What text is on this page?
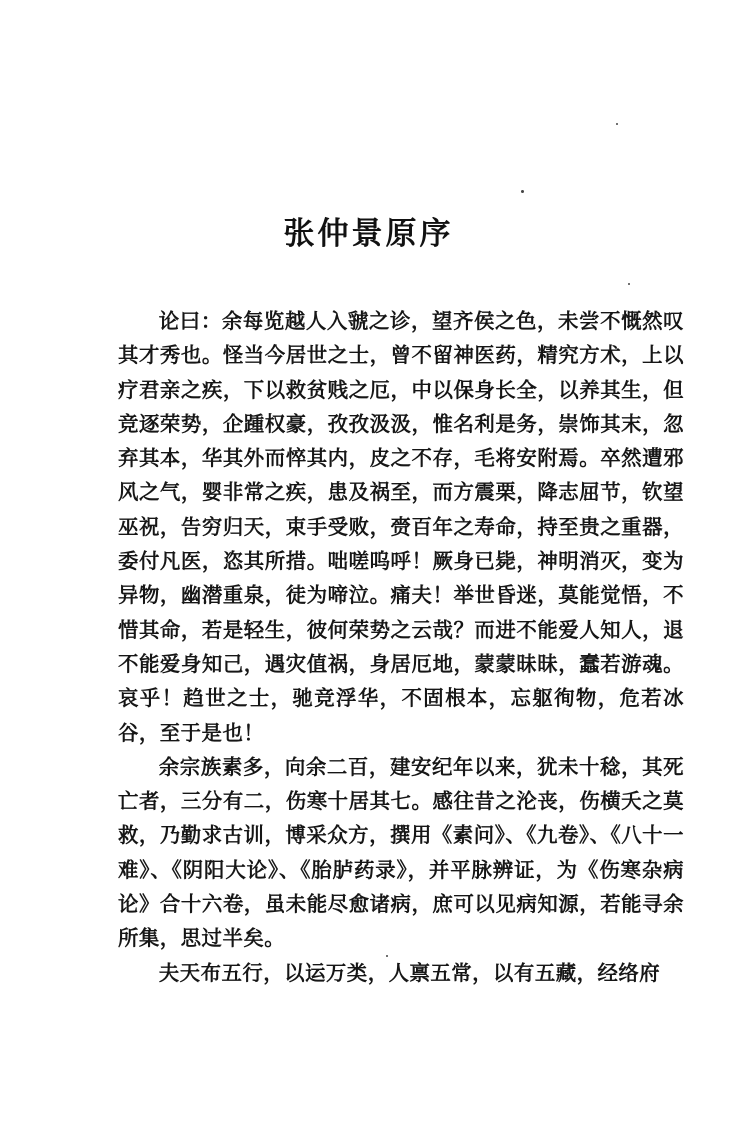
张仲景原序

论曰：余每览越人入虢之诊，望齐侯之色，未尝不慨然叹其才秀也。怪当今居世之士，曾不留神医药，精究方术，上以疗君亲之疾，下以救贫贱之厄，中以保身长全，以养其生，但竞逐荣势，企踵权豪，孜孜汲汲，惟名利是务，崇饰其末，忽弃其本，华其外而悴其内，皮之不存，毛将安附焉。卒然遭邪风之气，婴非常之疾，患及祸至，而方震栗，降志屈节，钦望巫祝，告穷归天，束手受败，赍百年之寿命，持至贵之重器，委付凡医，恣其所措。咄嗟呜呼！厥身已毙，神明消灭，变为异物，幽潜重泉，徒为啼泣。痛夫！举世昏迷，莫能觉悟，不惜其命，若是轻生，彼何荣势之云哉？而进不能爱人知人，退不能爱身知己，遇灾值祸，身居厄地，蒙蒙昧昧，蠢若游魂。哀乎！趋世之士，驰竞浮华，不固根本，忘躯徇物，危若冰谷，至于是也！

余宗族素多，向余二百，建安纪年以来，犹未十稔，其死亡者，三分有二，伤寒十居其七。感往昔之沦丧，伤横夭之莫救，乃勤求古训，博采众方，撰用《素问》、《九卷》、《八十一难》、《阴阳大论》、《胎胪药录》，并平脉辨证，为《伤寒杂病论》合十六卷，虽未能尽愈诸病，庶可以见病知源，若能寻余所集，思过半矣。

夫天布五行，以运万类，人禀五常，以有五藏，经络府
